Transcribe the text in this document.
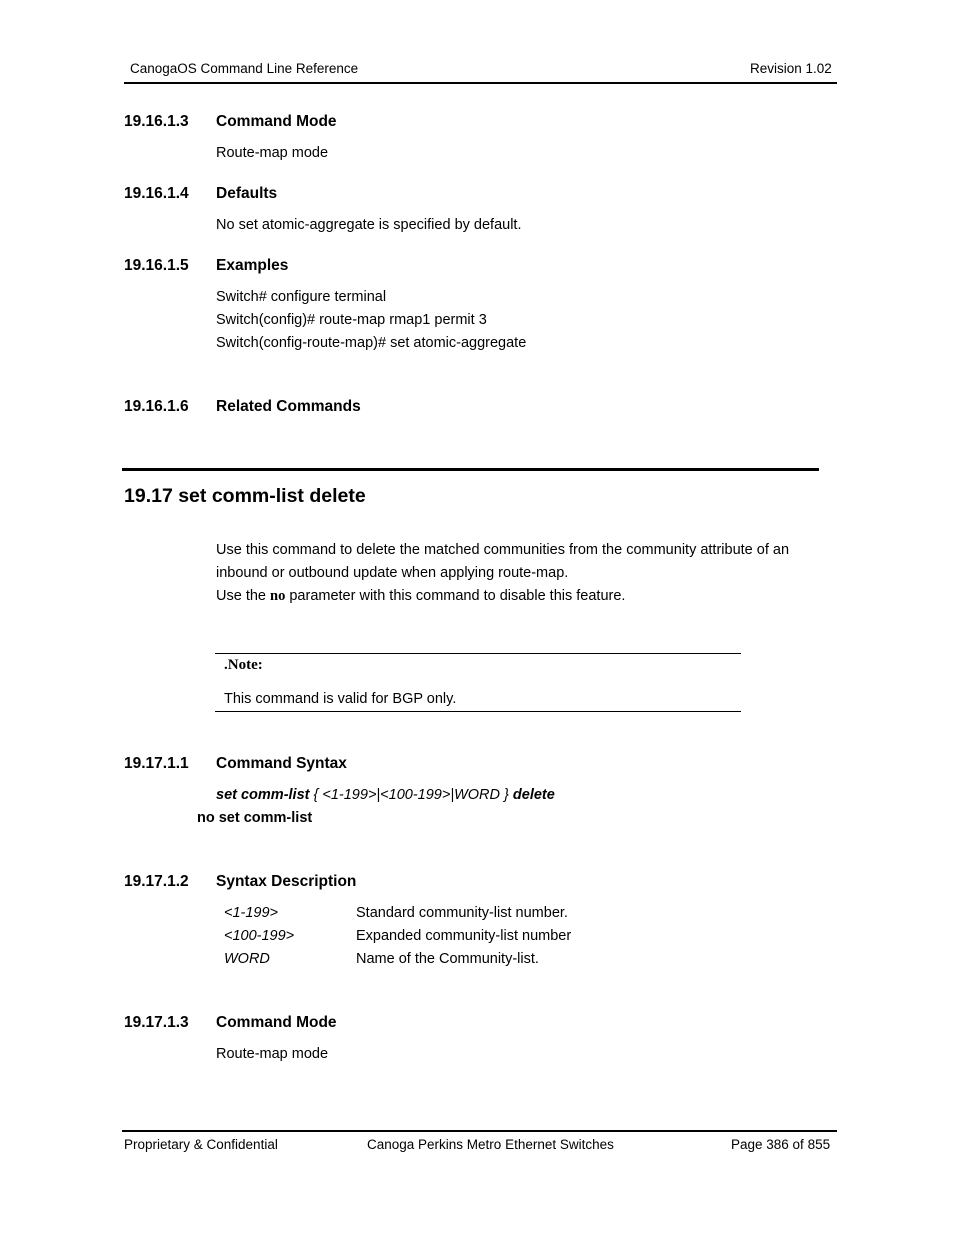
CanogaOS Command Line Reference	Revision 1.02
19.16.1.3 Command Mode
Route-map mode
19.16.1.4 Defaults
No set atomic-aggregate is specified by default.
19.16.1.5 Examples
Switch# configure terminal
Switch(config)# route-map rmap1 permit 3
Switch(config-route-map)# set atomic-aggregate
19.16.1.6 Related Commands
19.17 set comm-list delete
Use this command to delete the matched communities from the community attribute of an
inbound or outbound update when applying route-map.
Use the no parameter with this command to disable this feature.
.Note:
This command is valid for BGP only.
19.17.1.1 Command Syntax
set comm-list { <1-199>|<100-199>|WORD } delete
no set comm-list
19.17.1.2 Syntax Description
<1-199>	Standard community-list number.
<100-199>	Expanded community-list number
WORD	Name of the Community-list.
19.17.1.3 Command Mode
Route-map mode
Proprietary & Confidential	Canoga Perkins Metro Ethernet Switches	Page 386 of 855
